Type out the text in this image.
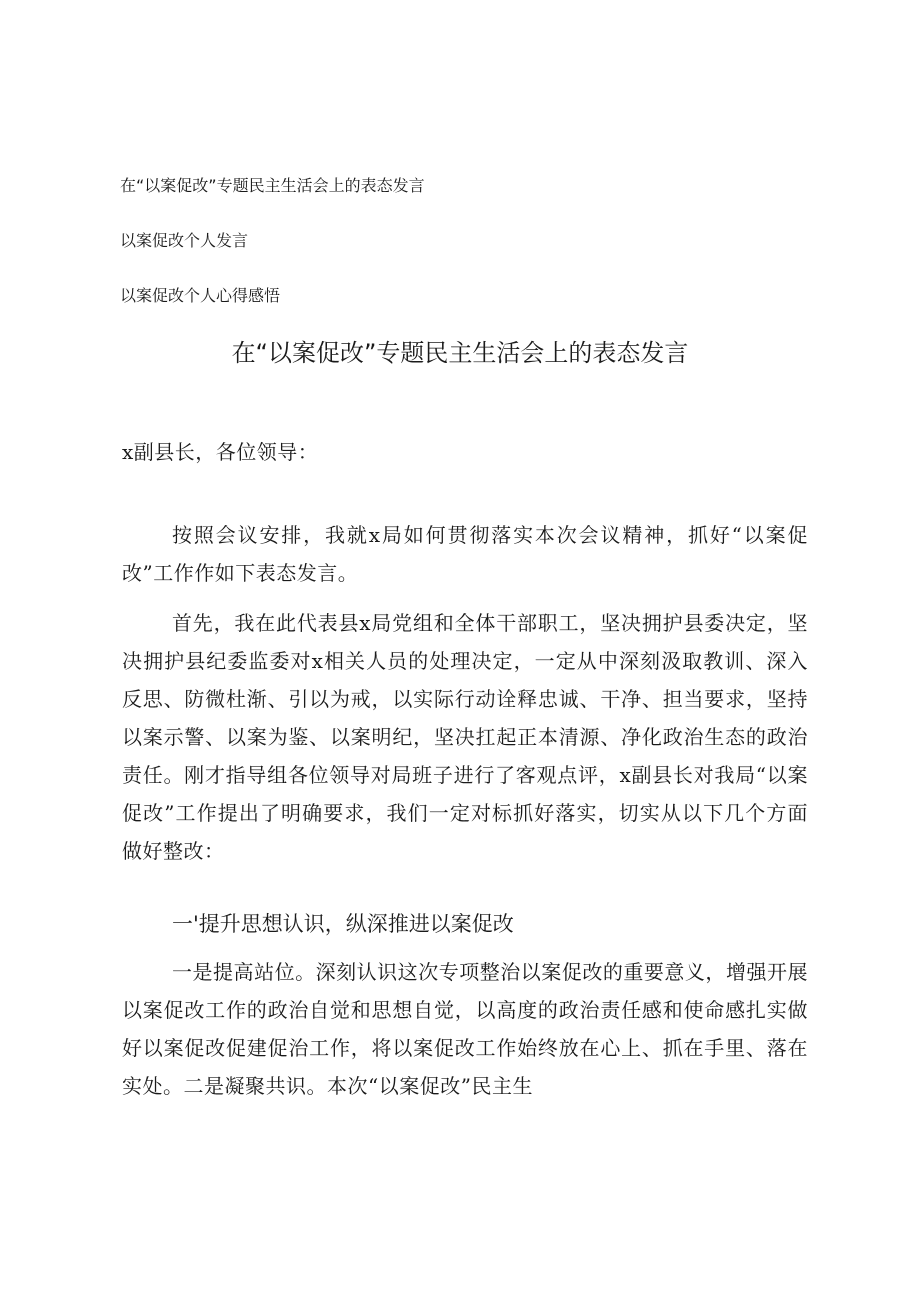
在“以案促改”专题民主生活会上的表态发言
以案促改个人发言
以案促改个人心得感悟
在“以案促改”专题民主生活会上的表态发言
x副县长，各位领导：

按照会议安排，我就x局如何贯彻落实本次会议精神，抓好“以案促改”工作作如下表态发言。

首先，我在此代表县x局党组和全体干部职工，坚决拥护县委决定，坚决拥护县纪委监委对x相关人员的处理决定，一定从中深刻汲取教训、深入反思、防微杜渐、引以为戒，以实际行动诠释忠诚、干净、担当要求，坚持以案示警、以案为鉴、以案明纪，坚决扛起正本清源、净化政治生态的政治责任。刚才指导组各位领导对局班子进行了客观点评，x副县长对我局“以案促改”工作提出了明确要求，我们一定对标抓好落实，切实从以下几个方面做好整改：

一'提升思想认识，纵深推进以案促改

一是提高站位。深刻认识这次专项整治以案促改的重要意义，增强开展以案促改工作的政治自觉和思想自觉，以高度的政治责任感和使命感扎实做好以案促改促建促治工作，将以案促改工作始终放在心上、抓在手里、落在实处。二是凝聚共识。本次“以案促改”民主生
